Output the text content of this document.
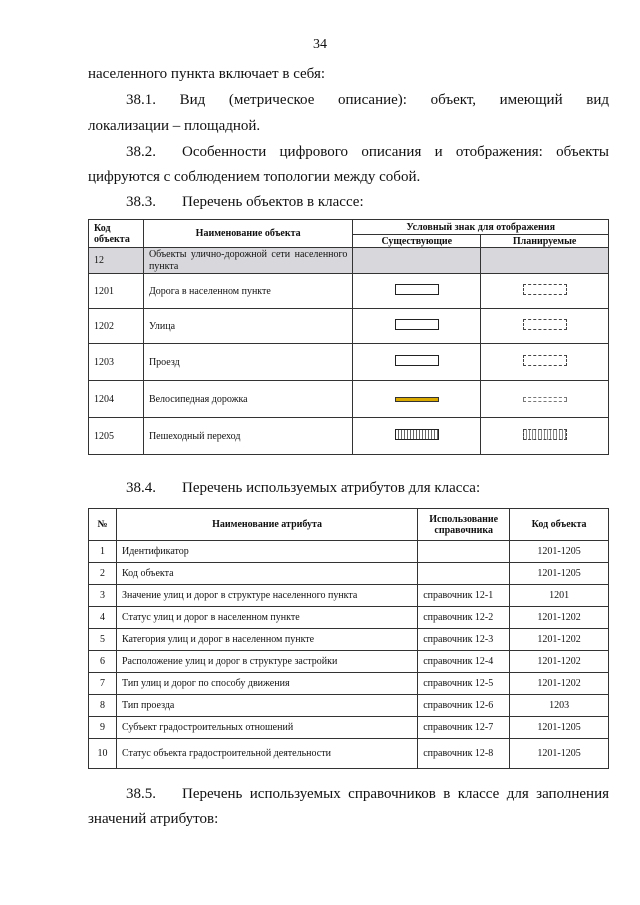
34
населенного пункта включает в себя:
38.1. Вид (метрическое описание): объект, имеющий вид
локализации – площадной.
38.2. Особенности цифрового описания и отображения: объекты
цифруются с соблюдением топологии между собой.
38.3. Перечень объектов в классе:
Код объекта	Наименование объекта	Условный знак для отображения	
		Существующие	Планируемые
12	Объекты улично-дорожной сети населенного пункта		
1201	Дорога в населенном пункте		
1202	Улица		
1203	Проезд		
1204	Велосипедная дорожка		
1205	Пешеходный переход		
38.4. Перечень используемых атрибутов для класса:
№	Наименование атрибута	Использование справочника	Код объекта
1	Идентификатор		1201-1205
2	Код объекта		1201-1205
3	Значение улиц и дорог в структуре населенного пункта	справочник 12-1	1201
4	Статус улиц и дорог в населенном пункте	справочник 12-2	1201-1202
5	Категория улиц и дорог в населенном пункте	справочник 12-3	1201-1202
6	Расположение улиц и дорог в структуре застройки	справочник 12-4	1201-1202
7	Тип улиц и дорог по способу движения	справочник 12-5	1201-1202
8	Тип проезда	справочник 12-6	1203
9	Субъект градостроительных отношений	справочник 12-7	1201-1205
10	Статус объекта градостроительной деятельности	справочник 12-8	1201-1205
38.5. Перечень используемых справочников в классе для заполнения
значений атрибутов:
